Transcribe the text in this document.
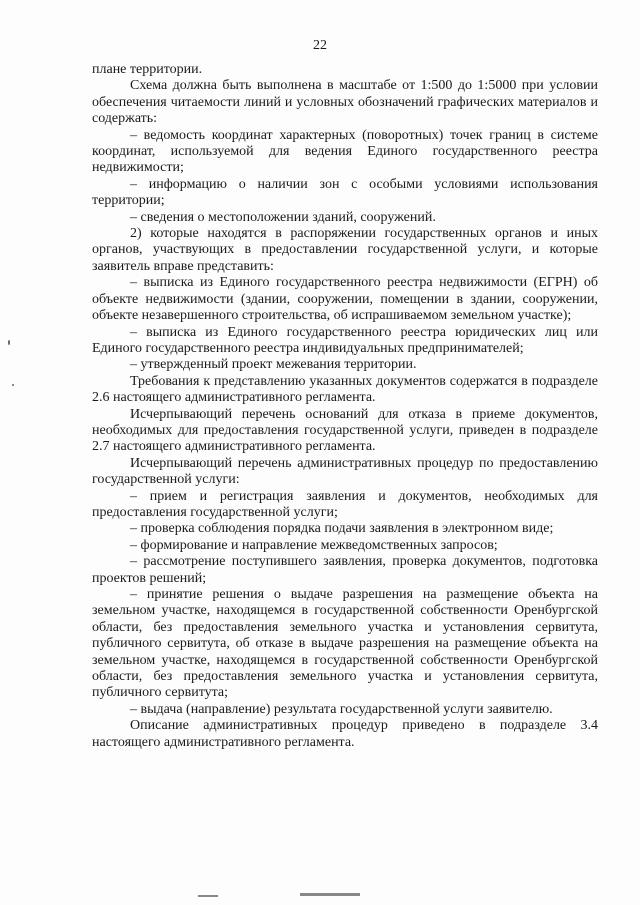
22

плане территории.

Схема должна быть выполнена в масштабе от 1:500 до 1:5000 при условии обеспечения читаемости линий и условных обозначений графических материалов и содержать:

– ведомость координат характерных (поворотных) точек границ в системе координат, используемой для ведения Единого государственного реестра недвижимости;

– информацию о наличии зон с особыми условиями использования территории;

– сведения о местоположении зданий, сооружений.

2) которые находятся в распоряжении государственных органов и иных органов, участвующих в предоставлении государственной услуги, и которые заявитель вправе представить:

– выписка из Единого государственного реестра недвижимости (ЕГРН) об объекте недвижимости (здании, сооружении, помещении в здании, сооружении, объекте незавершенного строительства, об испрашиваемом земельном участке);

– выписка из Единого государственного реестра юридических лиц или Единого государственного реестра индивидуальных предпринимателей;

– утвержденный проект межевания территории.

Требования к представлению указанных документов содержатся в подразделе 2.6 настоящего административного регламента.

Исчерпывающий перечень оснований для отказа в приеме документов, необходимых для предоставления государственной услуги, приведен в подразделе 2.7 настоящего административного регламента.

Исчерпывающий перечень административных процедур по предоставлению государственной услуги:

– прием и регистрация заявления и документов, необходимых для предоставления государственной услуги;

– проверка соблюдения порядка подачи заявления в электронном виде;

– формирование и направление межведомственных запросов;

– рассмотрение поступившего заявления, проверка документов, подготовка проектов решений;

– принятие решения о выдаче разрешения на размещение объекта на земельном участке, находящемся в государственной собственности Оренбургской области, без предоставления земельного участка и установления сервитута, публичного сервитута, об отказе в выдаче разрешения на размещение объекта на земельном участке, находящемся в государственной собственности Оренбургской области, без предоставления земельного участка и установления сервитута, публичного сервитута;

– выдача (направление) результата государственной услуги заявителю.

Описание административных процедур приведено в подразделе 3.4 настоящего административного регламента.
